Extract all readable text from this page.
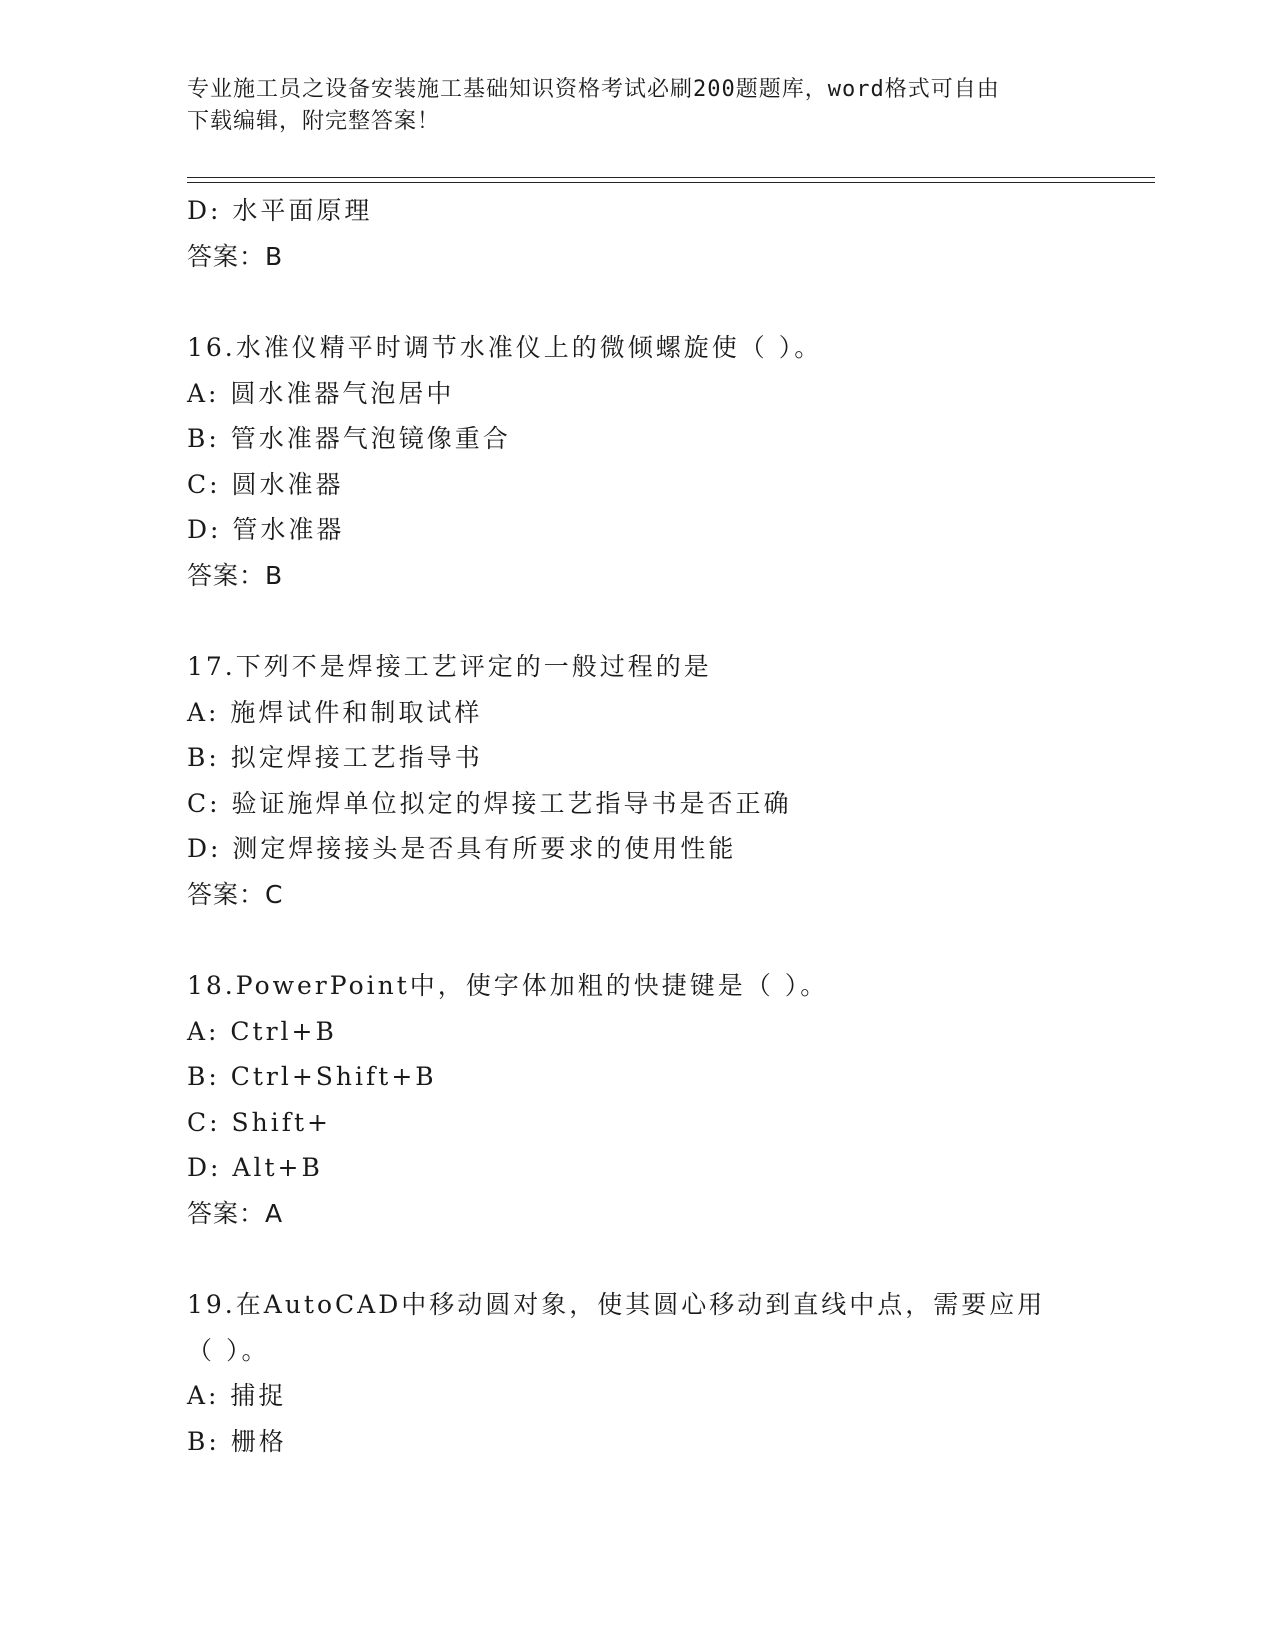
专业施工员之设备安装施工基础知识资格考试必刷200题题库，word格式可自由
下载编辑，附完整答案！
D: 水平面原理
答案：B
16.水准仪精平时调节水准仪上的微倾螺旋使（ ）。
A: 圆水准器气泡居中
B: 管水准器气泡镜像重合
C: 圆水准器
D: 管水准器
答案：B
17.下列不是焊接工艺评定的一般过程的是
A: 施焊试件和制取试样
B: 拟定焊接工艺指导书
C: 验证施焊单位拟定的焊接工艺指导书是否正确
D: 测定焊接接头是否具有所要求的使用性能
答案：C
18.PowerPoint中，使字体加粗的快捷键是（ ）。
A: Ctrl+B
B: Ctrl+Shift+B
C: Shift+
D: Alt+B
答案：A
19.在AutoCAD中移动圆对象，使其圆心移动到直线中点，需要应用（ ）。
A: 捕捉
B: 栅格
